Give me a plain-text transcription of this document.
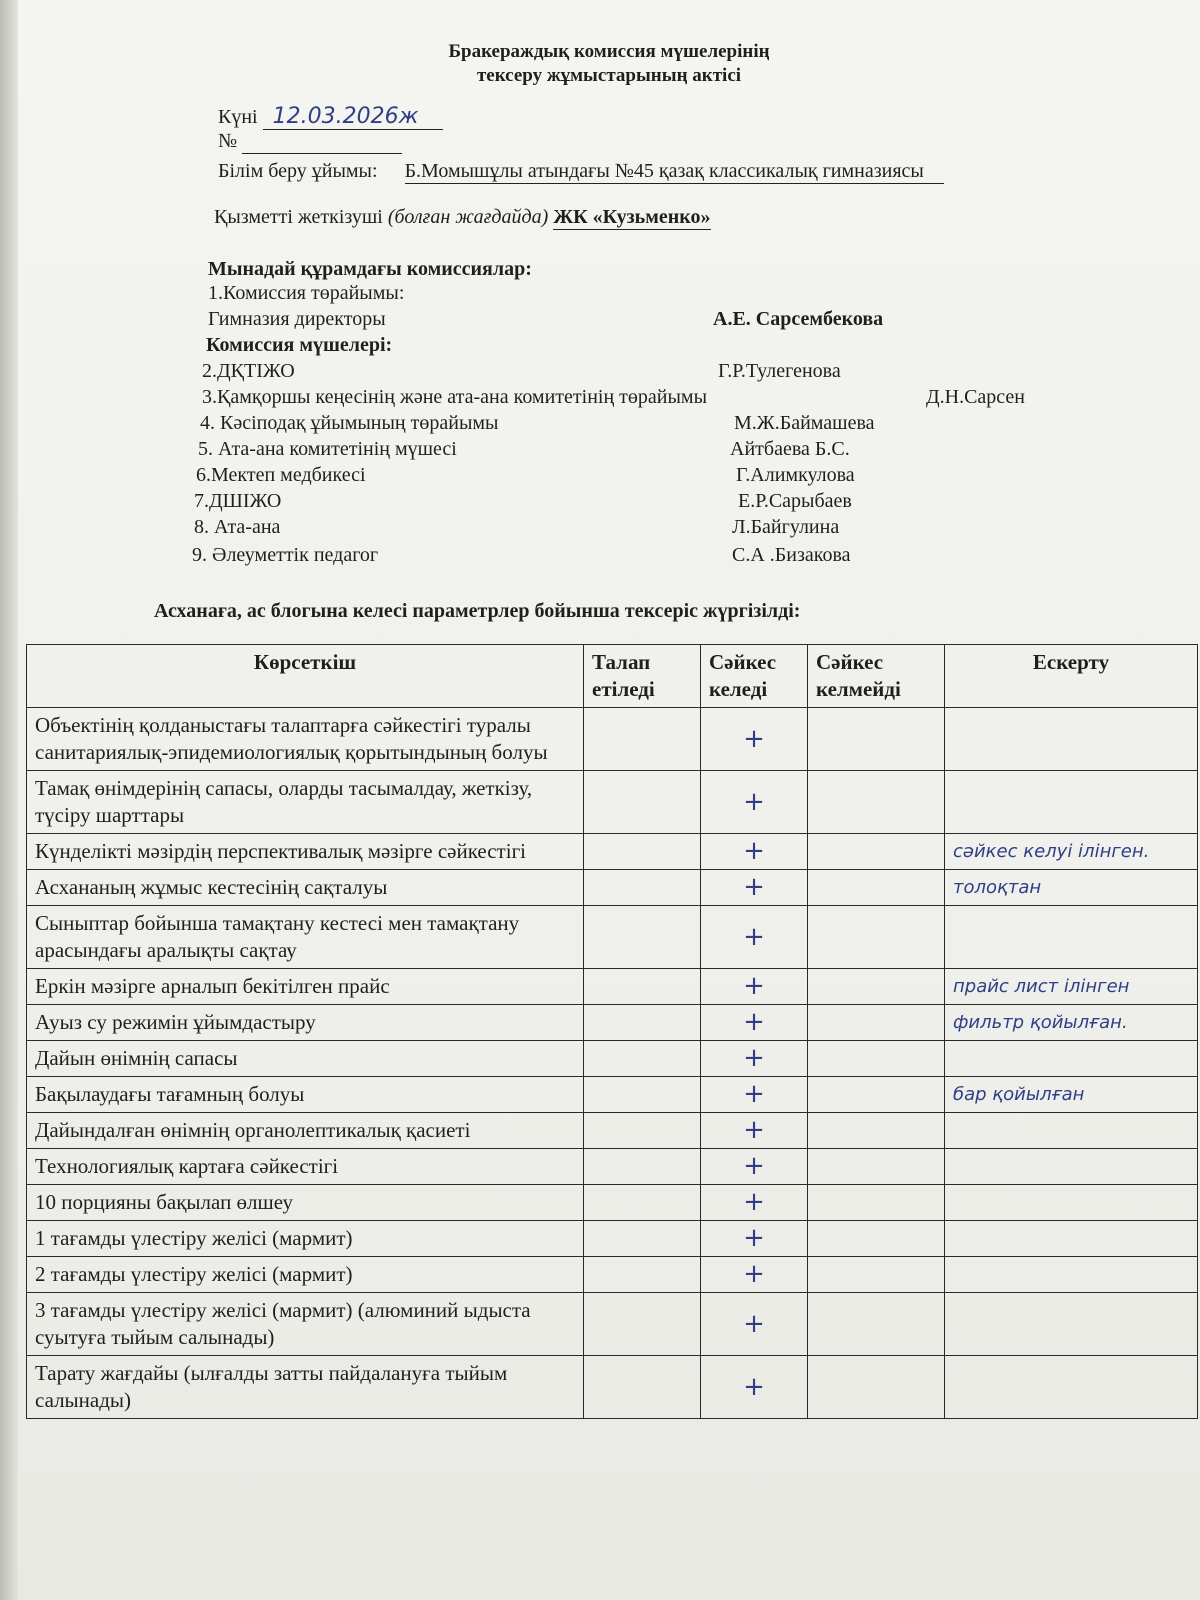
Бракераждық комиссия мүшелерінің
тексеру жұмыстарының актісі
Күні 12.03.2026ж
№
Білім беру ұйымы: Б.Момышұлы атындағы №45 қазақ классикалық гимназиясы
Қызметті жеткізуші (болған жағдайда) ЖК «Кузьменко»
Мынадай құрамдағы комиссиялар:
1.Комиссия төрайымы:
Гимназия директоры	А.Е. Сарсембекова
Комиссия мүшелері:
2.ДҚТІЖО	Г.Р.Тулегенова
3.Қамқоршы кеңесінің және ата-ана комитетінің төрайымы	Д.Н.Сарсен
4. Кәсіподақ ұйымының төрайымы	М.Ж.Баймашева
5. Ата-ана комитетінің мүшесі	Айтбаева Б.С.
6.Мектеп медбикесі	Г.Алимкулова
7.ДШІЖО	Е.Р.Сарыбаев
8. Ата-ана	Л.Байгулина
9. Әлеуметтік педагог	С.А .Бизакова
Асханаға, ас блогына келесі параметрлер бойынша тексеріс жүргізілді:
Көрсеткіш	Талап етіледі	Сәйкес келеді	Сәйкес келмейді	Ескерту
Объектінің қолданыстағы талаптарға сәйкестігі туралы санитариялық-эпидемиологиялық қорытындының болуы		+		
Тамақ өнімдерінің сапасы, оларды тасымалдау, жеткізу, түсіру шарттары		+		
Күнделікті мәзірдің перспективалық мәзірге сәйкестігі		+		сәйкес келуі ілінген.
Асхананың жұмыс кестесінің сақталуы		+		толоқтан
Сыныптар бойынша тамақтану кестесі мен тамақтану арасындағы аралықты сақтау		+		
Еркін мәзірге арналып бекітілген прайс		+		прайс лист ілінген
Ауыз су режимін ұйымдастыру		+		фильтр қойылған.
Дайын өнімнің сапасы		+		
Бақылаудағы тағамның болуы		+		бар қойылған
Дайындалған өнімнің органолептикалық қасиеті		+		
Технологиялық картаға сәйкестігі		+		
10 порцияны бақылап өлшеу		+		
1 тағамды үлестіру желісі (мармит)		+		
2 тағамды үлестіру желісі (мармит)		+		
3 тағамды үлестіру желісі (мармит) (алюминий ыдыста суытуға тыйым салынады)		+		
Тарату жағдайы (ылғалды затты пайдалануға тыйым салынады)		+		
